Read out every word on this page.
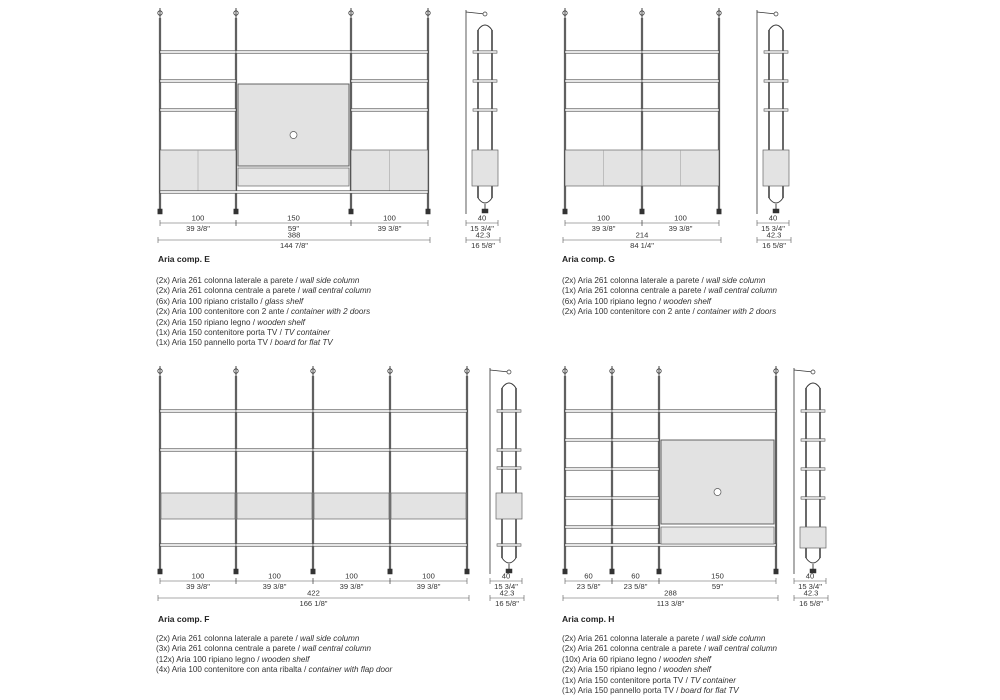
100
39 3/8"
150
59"
100
39 3/8"
388
144 7/8"
40
15 3/4"
42.3
16 5/8"
100
39 3/8"
100
39 3/8"
214
84 1/4"
40
15 3/4"
42.3
16 5/8"
100
39 3/8"
100
39 3/8"
100
39 3/8"
100
39 3/8"
422
166 1/8"
40
15 3/4"
42.3
16 5/8"
60
23 5/8"
60
23 5/8"
150
59"
288
113 3/8"
40
15 3/4"
42.3
16 5/8"
Aria comp. E	Aria comp. G
Aria comp. F	Aria comp. H
(2x) Aria 261 colonna laterale a parete / wall side column
(2x) Aria 261 colonna centrale a parete / wall central column
(6x) Aria 100 ripiano cristallo / glass shelf
(2x) Aria 100 contenitore con 2 ante / container with 2 doors
(2x) Aria 150 ripiano legno / wooden shelf
(1x) Aria 150 contenitore porta TV / TV container
(1x) Aria 150 pannello porta TV / board for flat TV
(2x) Aria 261 colonna laterale a parete / wall side column
(1x) Aria 261 colonna centrale a parete / wall central column
(6x) Aria 100 ripiano legno / wooden shelf
(2x) Aria 100 contenitore con 2 ante / container with 2 doors
(2x) Aria 261 colonna laterale a parete / wall side column
(3x) Aria 261 colonna centrale a parete / wall central column
(12x) Aria 100 ripiano legno / wooden shelf
(4x) Aria 100 contenitore con anta ribalta / container with flap door
(2x) Aria 261 colonna laterale a parete / wall side column
(2x) Aria 261 colonna centrale a parete / wall central column
(10x) Aria 60 ripiano legno / wooden shelf
(2x) Aria 150 ripiano legno / wooden shelf
(1x) Aria 150 contenitore porta TV / TV container
(1x) Aria 150 pannello porta TV / board for flat TV
